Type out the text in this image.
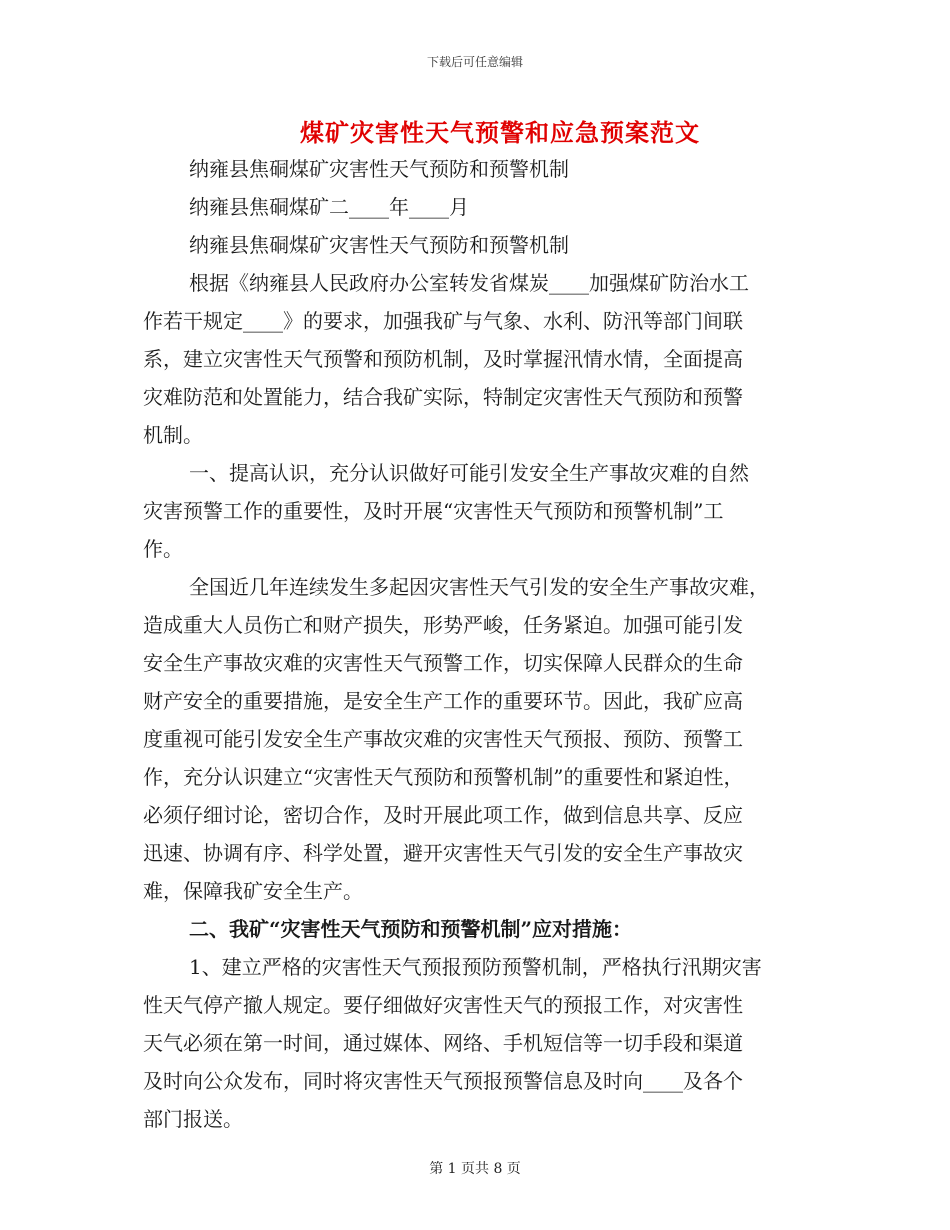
下载后可任意编辑
煤矿灾害性天气预警和应急预案范文
纳雍县焦硐煤矿灾害性天气预防和预警机制
纳雍县焦硐煤矿二____年____月
纳雍县焦硐煤矿灾害性天气预防和预警机制
根据《纳雍县人民政府办公室转发省煤炭____加强煤矿防治水工
作若干规定____》的要求，加强我矿与气象、水利、防汛等部门间联
系，建立灾害性天气预警和预防机制，及时掌握汛情水情，全面提高
灾难防范和处置能力，结合我矿实际，特制定灾害性天气预防和预警
机制。
一、提高认识，充分认识做好可能引发安全生产事故灾难的自然
灾害预警工作的重要性，及时开展“灾害性天气预防和预警机制”工
作。
全国近几年连续发生多起因灾害性天气引发的安全生产事故灾难，
造成重大人员伤亡和财产损失，形势严峻，任务紧迫。加强可能引发
安全生产事故灾难的灾害性天气预警工作，切实保障人民群众的生命
财产安全的重要措施，是安全生产工作的重要环节。因此，我矿应高
度重视可能引发安全生产事故灾难的灾害性天气预报、预防、预警工
作，充分认识建立“灾害性天气预防和预警机制”的重要性和紧迫性，
必须仔细讨论，密切合作，及时开展此项工作，做到信息共享、反应
迅速、协调有序、科学处置，避开灾害性天气引发的安全生产事故灾
难，保障我矿安全生产。
二、我矿“灾害性天气预防和预警机制”应对措施：
1、建立严格的灾害性天气预报预防预警机制，严格执行汛期灾害
性天气停产撤人规定。要仔细做好灾害性天气的预报工作，对灾害性
天气必须在第一时间，通过媒体、网络、手机短信等一切手段和渠道
及时向公众发布，同时将灾害性天气预报预警信息及时向____及各个
部门报送。
第 1 页共 8 页
